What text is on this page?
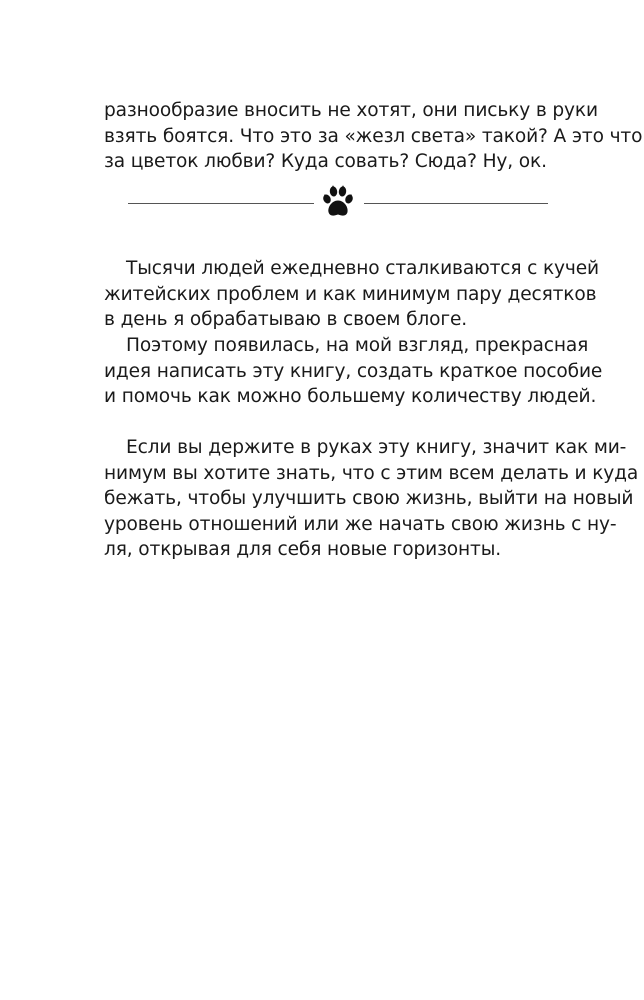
разнообразие вносить не хотят, они письку в руки
взять боятся. Что это за «жезл света» такой? А это что
за цветок любви? Куда совать? Сюда? Ну, ок.
Тысячи людей ежедневно сталкиваются с кучей
житейских проблем и как минимум пару десятков
в день я обрабатываю в своем блоге.
Поэтому появилась, на мой взгляд, прекрасная
идея написать эту книгу, создать краткое пособие
и помочь как можно большему количеству людей.
Если вы держите в руках эту книгу, значит как ми-
нимум вы хотите знать, что с этим всем делать и куда
бежать, чтобы улучшить свою жизнь, выйти на новый
уровень отношений или же начать свою жизнь с ну-
ля, открывая для себя новые горизонты.
